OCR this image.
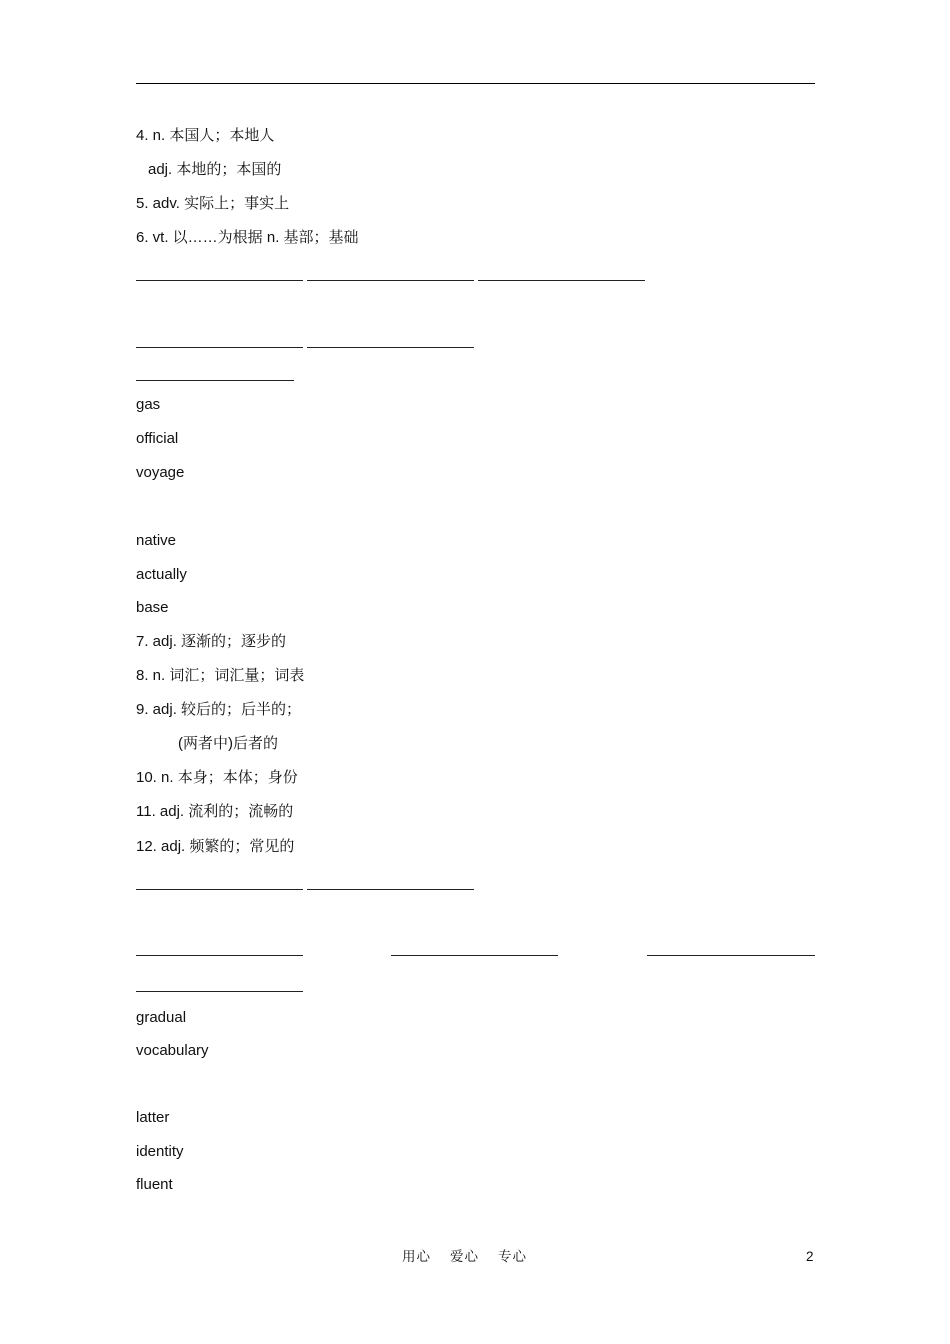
4. n. 本国人；本地人
adj. 本地的；本国的
5. adv. 实际上；事实上
6. vt. 以……为根据 n. 基部；基础
gas
official
voyage
native
actually
base
7. adj. 逐渐的；逐步的
8. n. 词汇；词汇量；词表
9. adj. 较后的；后半的；
(两者中)后者的
10. n. 本身；本体；身份
11. adj. 流利的；流畅的
12. adj. 频繁的；常见的
gradual
vocabulary
latter
identity
fluent
用心    爱心    专心	2
